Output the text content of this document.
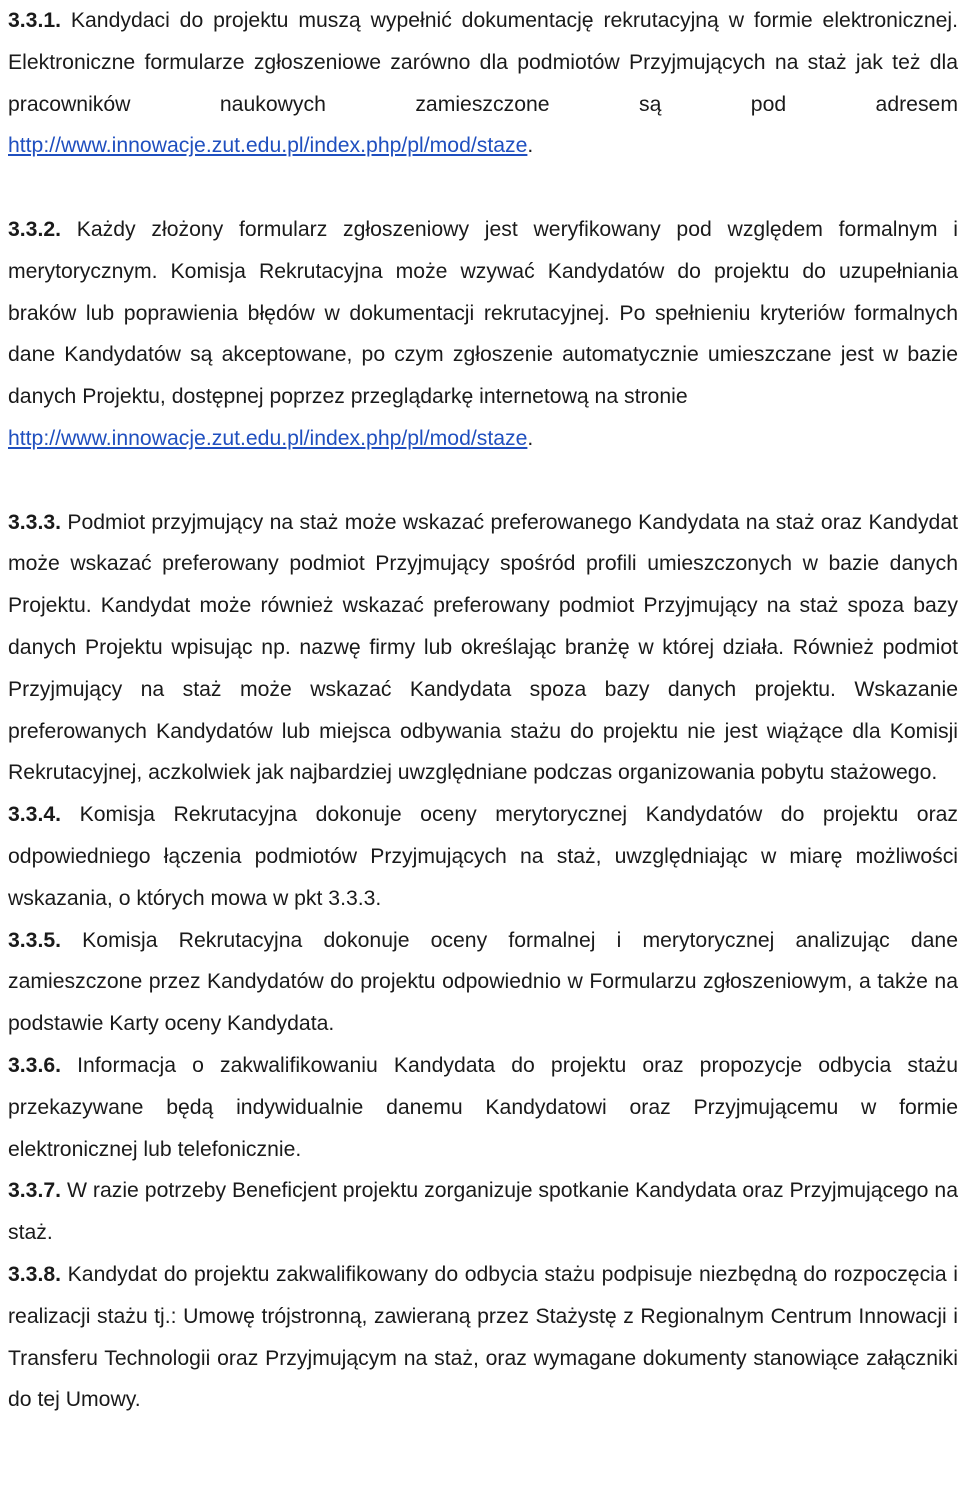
3.3.1. Kandydaci do projektu muszą wypełnić dokumentację rekrutacyjną w formie elektronicznej. Elektroniczne formularze zgłoszeniowe zarówno dla podmiotów Przyjmujących na staż jak też dla pracowników naukowych zamieszczone są pod adresem http://www.innowacje.zut.edu.pl/index.php/pl/mod/staze.

3.3.2. Każdy złożony formularz zgłoszeniowy jest weryfikowany pod względem formalnym i merytorycznym. Komisja Rekrutacyjna może wzywać Kandydatów do projektu do uzupełniania braków lub poprawienia błędów w dokumentacji rekrutacyjnej. Po spełnieniu kryteriów formalnych dane Kandydatów są akceptowane, po czym zgłoszenie automatycznie umieszczane jest w bazie danych Projektu, dostępnej poprzez przeglądarkę internetową na stronie
http://www.innowacje.zut.edu.pl/index.php/pl/mod/staze.

3.3.3. Podmiot przyjmujący na staż może wskazać preferowanego Kandydata na staż oraz Kandydat może wskazać preferowany podmiot Przyjmujący spośród profili umieszczonych w bazie danych Projektu. Kandydat może również wskazać preferowany podmiot Przyjmujący na staż spoza bazy danych Projektu wpisując np. nazwę firmy lub określając branżę w której działa. Również podmiot Przyjmujący na staż może wskazać Kandydata spoza bazy danych projektu. Wskazanie preferowanych Kandydatów lub miejsca odbywania stażu do projektu nie jest wiążące dla Komisji Rekrutacyjnej, aczkolwiek jak najbardziej uwzględniane podczas organizowania pobytu stażowego.

3.3.4. Komisja Rekrutacyjna dokonuje oceny merytorycznej Kandydatów do projektu oraz odpowiedniego łączenia podmiotów Przyjmujących na staż, uwzględniając w miarę możliwości wskazania, o których mowa w pkt 3.3.3.

3.3.5. Komisja Rekrutacyjna dokonuje oceny formalnej i merytorycznej analizując dane zamieszczone przez Kandydatów do projektu odpowiednio w Formularzu zgłoszeniowym, a także na podstawie Karty oceny Kandydata.

3.3.6. Informacja o zakwalifikowaniu Kandydata do projektu oraz propozycje odbycia stażu przekazywane będą indywidualnie danemu Kandydatowi oraz Przyjmującemu w formie elektronicznej lub telefonicznie.

3.3.7. W razie potrzeby Beneficjent projektu zorganizuje spotkanie Kandydata oraz Przyjmującego na staż.

3.3.8. Kandydat do projektu zakwalifikowany do odbycia stażu podpisuje niezbędną do rozpoczęcia i realizacji stażu tj.: Umowę trójstronną, zawieraną przez Stażystę z Regionalnym Centrum Innowacji i Transferu Technologii oraz Przyjmującym na staż, oraz wymagane dokumenty stanowiące załączniki do tej Umowy.
